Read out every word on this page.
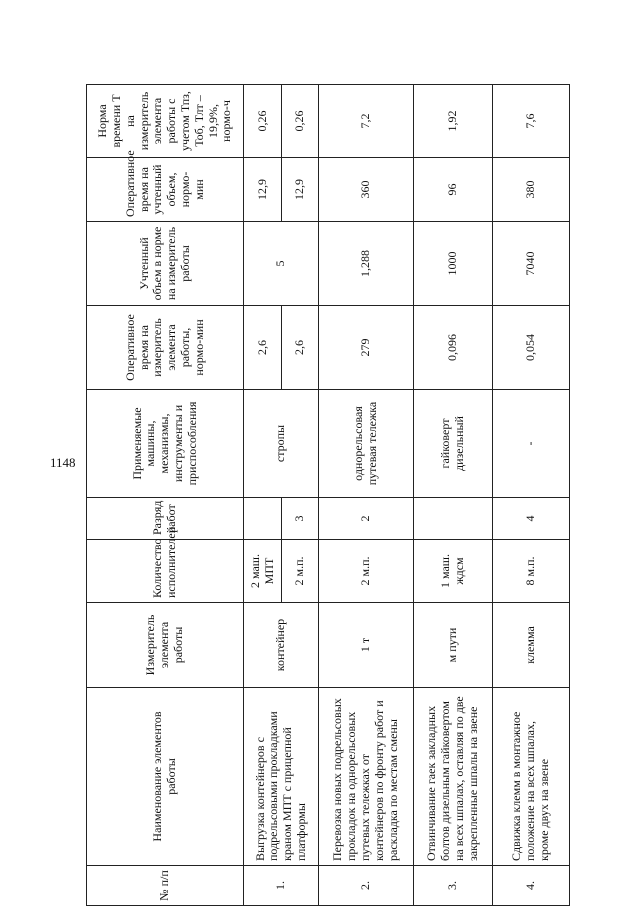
1148
№ п/п	Наименование элементов работы	Измеритель элемента работы	Количество исполнителей	Разряд работ	Применяемые машины, механизмы, инструменты и приспособления	Оперативное время на измеритель элемента работы, нормо-мин	Учтенный объем в норме на измеритель работы	Оперативное время на учтенный объем, нормо-мин	Норма времени Т на измеритель элемента работы с учетом Тпз, Тоб, Тлт – 19,9%, нормо-ч
1.	Выгрузка контейнеров с подрельсовыми прокладками краном МПТ с прицепной платформы	контейнер	2 маш. МПТ		стропы	2,6	5	12,9	0,26
			2 м.п.	3		2,6		12,9	0,26
2.	Перевозка новых подрельсовых прокладок на однорельсовых путевых тележках от контейнеров по фронту работ и раскладка по местам смены	1 т	2 м.п.	2	однорельсовая путевая тележка	279	1,288	360	7,2
3.	Отвинчивание гаек закладных болтов дизельным гайковертом на всех шпалах, оставляя по две закрепленные шпалы на звене	м пути	1 маш. ждсм		гайковерт дизельный	0,096	1000	96	1,92
4.	Сдвижка клемм в монтажное положение на всех шпалах, кроме двух на звене	клемма	8 м.п.	4	-	0,054	7040	380	7,6
